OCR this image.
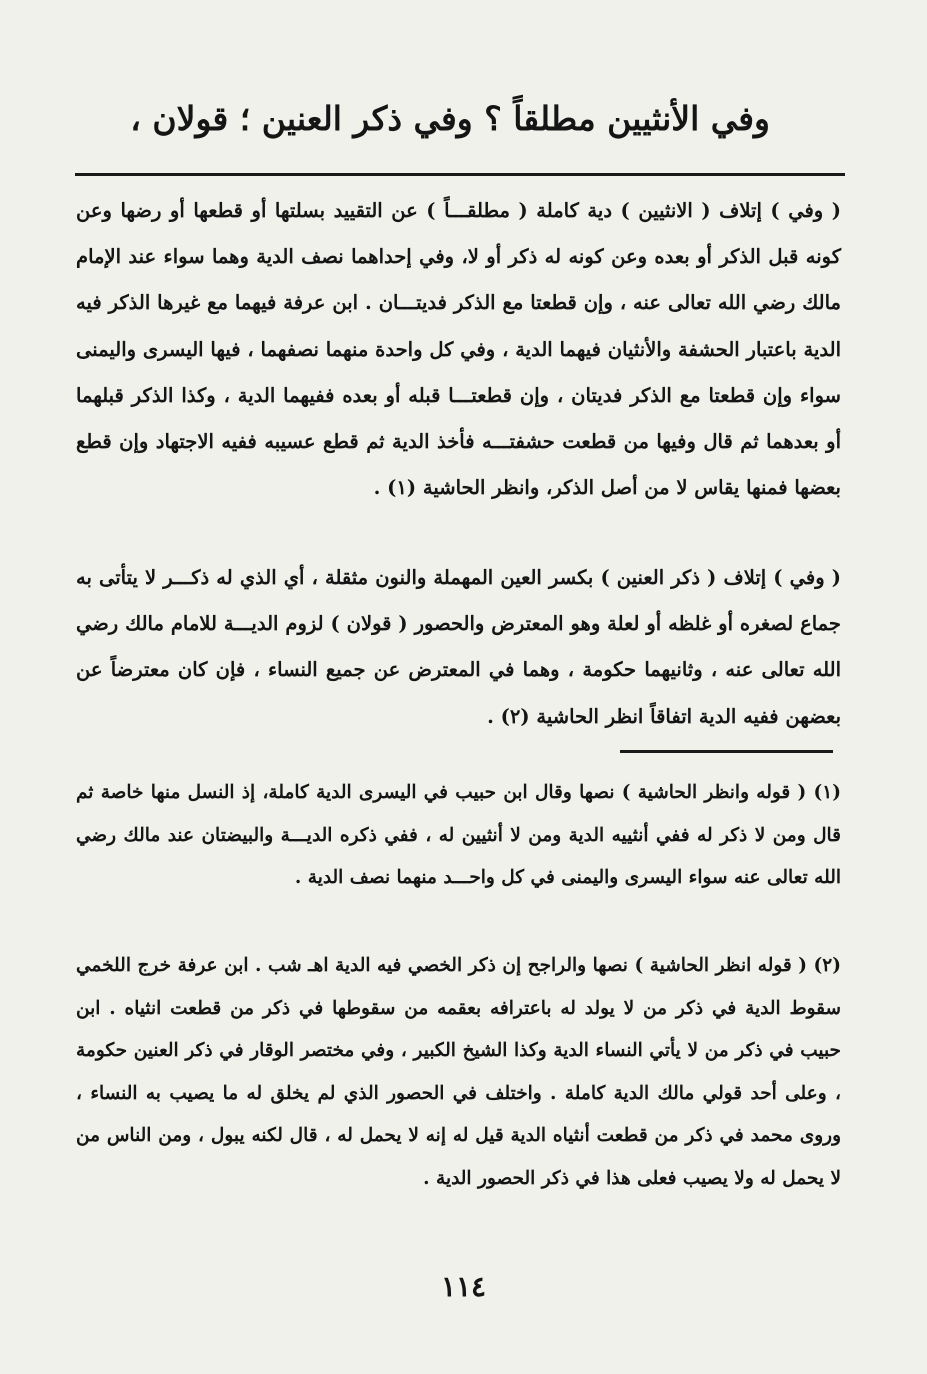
وفي الأنثيين مطلقاً ؟ وفي ذكر العنين ؛ قولان ،
( وفي ) إتلاف ( الانثيين ) دية كاملة ( مطلقـــاً ) عن التقييد بسلتها أو قطعها أو رضها وعن كونه قبل الذكر أو بعده وعن كونه له ذكر أو لا، وفي إحداهما نصف الدية وهما سواء عند الإمام مالك رضي الله تعالى عنه ، وإن قطعتا مع الذكر فديتـــان . ابن عرفة فيهما مع غيرها الذكر فيه الدية باعتبار الحشفة والأنثيان فيهما الدية ، وفي كل واحدة منهما نصفهما ، فيها اليسرى واليمنى سواء وإن قطعتا مع الذكر فديتان ، وإن قطعتـــا قبله أو بعده ففيهما الدية ، وكذا الذكر قبلهما أو بعدهما ثم قال وفيها من قطعت حشفتـــه فأخذ الدية ثم قطع عسيبه ففيه الاجتهاد وإن قطع بعضها فمنها يقاس لا من أصل الذكر، وانظر الحاشية (١) .
( وفي ) إتلاف ( ذكر العنين ) بكسر العين المهملة والنون مثقلة ، أي الذي له ذكـــر لا يتأتى به جماع لصغره أو غلظه أو لعلة وهو المعترض والحصور ( قولان ) لزوم الديـــة للامام مالك رضي الله تعالى عنه ، وثانيهما حكومة ، وهما في المعترض عن جميع النساء ، فإن كان معترضاً عن بعضهن ففيه الدية اتفاقاً انظر الحاشية (٢) .
(١) ( قوله وانظر الحاشية ) نصها وقال ابن حبيب في اليسرى الدية كاملة، إذ النسل منها خاصة ثم قال ومن لا ذكر له ففي أنثييه الدية ومن لا أنثيين له ، ففي ذكره الديـــة والبيضتان عند مالك رضي الله تعالى عنه سواء اليسرى واليمنى في كل واحـــد منهما نصف الدية .
(٢) ( قوله انظر الحاشية ) نصها والراجح إن ذكر الخصي فيه الدية اهـ شب . ابن عرفة خرج اللخمي سقوط الدية في ذكر من لا يولد له باعترافه بعقمه من سقوطها في ذكر من قطعت انثياه . ابن حبيب في ذكر من لا يأتي النساء الدية وكذا الشيخ الكبير ، وفي مختصر الوقار في ذكر العنين حكومة ، وعلى أحد قولي مالك الدية كاملة . واختلف في الحصور الذي لم يخلق له ما يصيب به النساء ، وروى محمد في ذكر من قطعت أنثياه الدية قيل له إنه لا يحمل له ، قال لكنه يبول ، ومن الناس من لا يحمل له ولا يصيب فعلى هذا في ذكر الحصور الدية .
١١٤
